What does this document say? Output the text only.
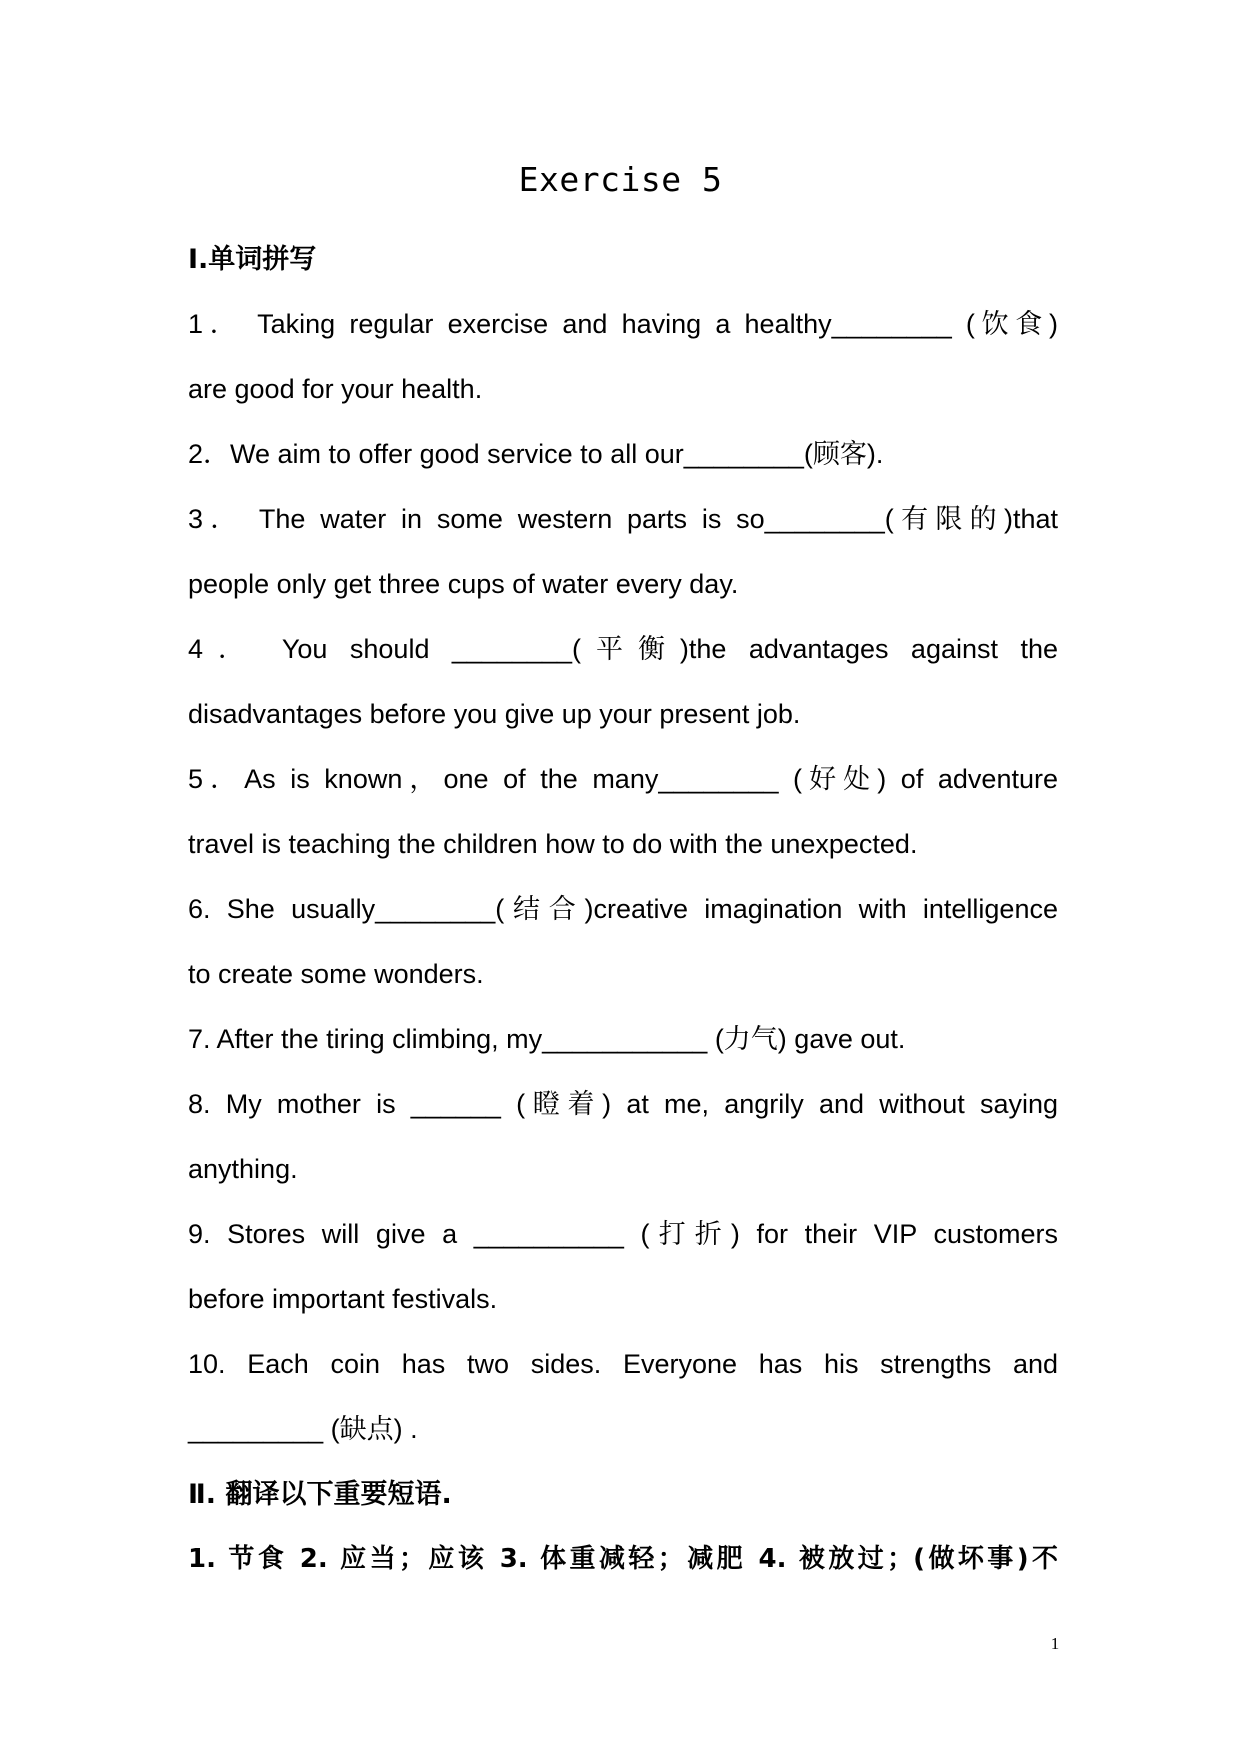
Exercise 5
Ⅰ.单词拼写
1． Taking regular exercise and having a healthy________ (饮食)
are good for your health.
2．We aim to offer good service to all our________(顾客).
3． The water in some western parts is so________(有限的)that
people only get three cups of water every day.
4． You should ________(平衡)the advantages against the
disadvantages before you give up your present job.
5．As is known，one of the many________ (好处) of adventure
travel is teaching the children how to do with the unexpected.
6. She usually________(结合)creative imagination with intelligence
to create some wonders.
7. After the tiring climbing, my___________ (力气) gave out.
8. My mother is ______ (瞪着) at me, angrily and without saying
anything.
9. Stores will give a __________ (打折) for their VIP customers
before important festivals.
10. Each coin has two sides. Everyone has his strengths and
_________ (缺点) .
Ⅱ. 翻译以下重要短语.
1. 节食 2. 应当；应该 3. 体重减轻；减肥 4. 被放过；(做坏事)不
1
